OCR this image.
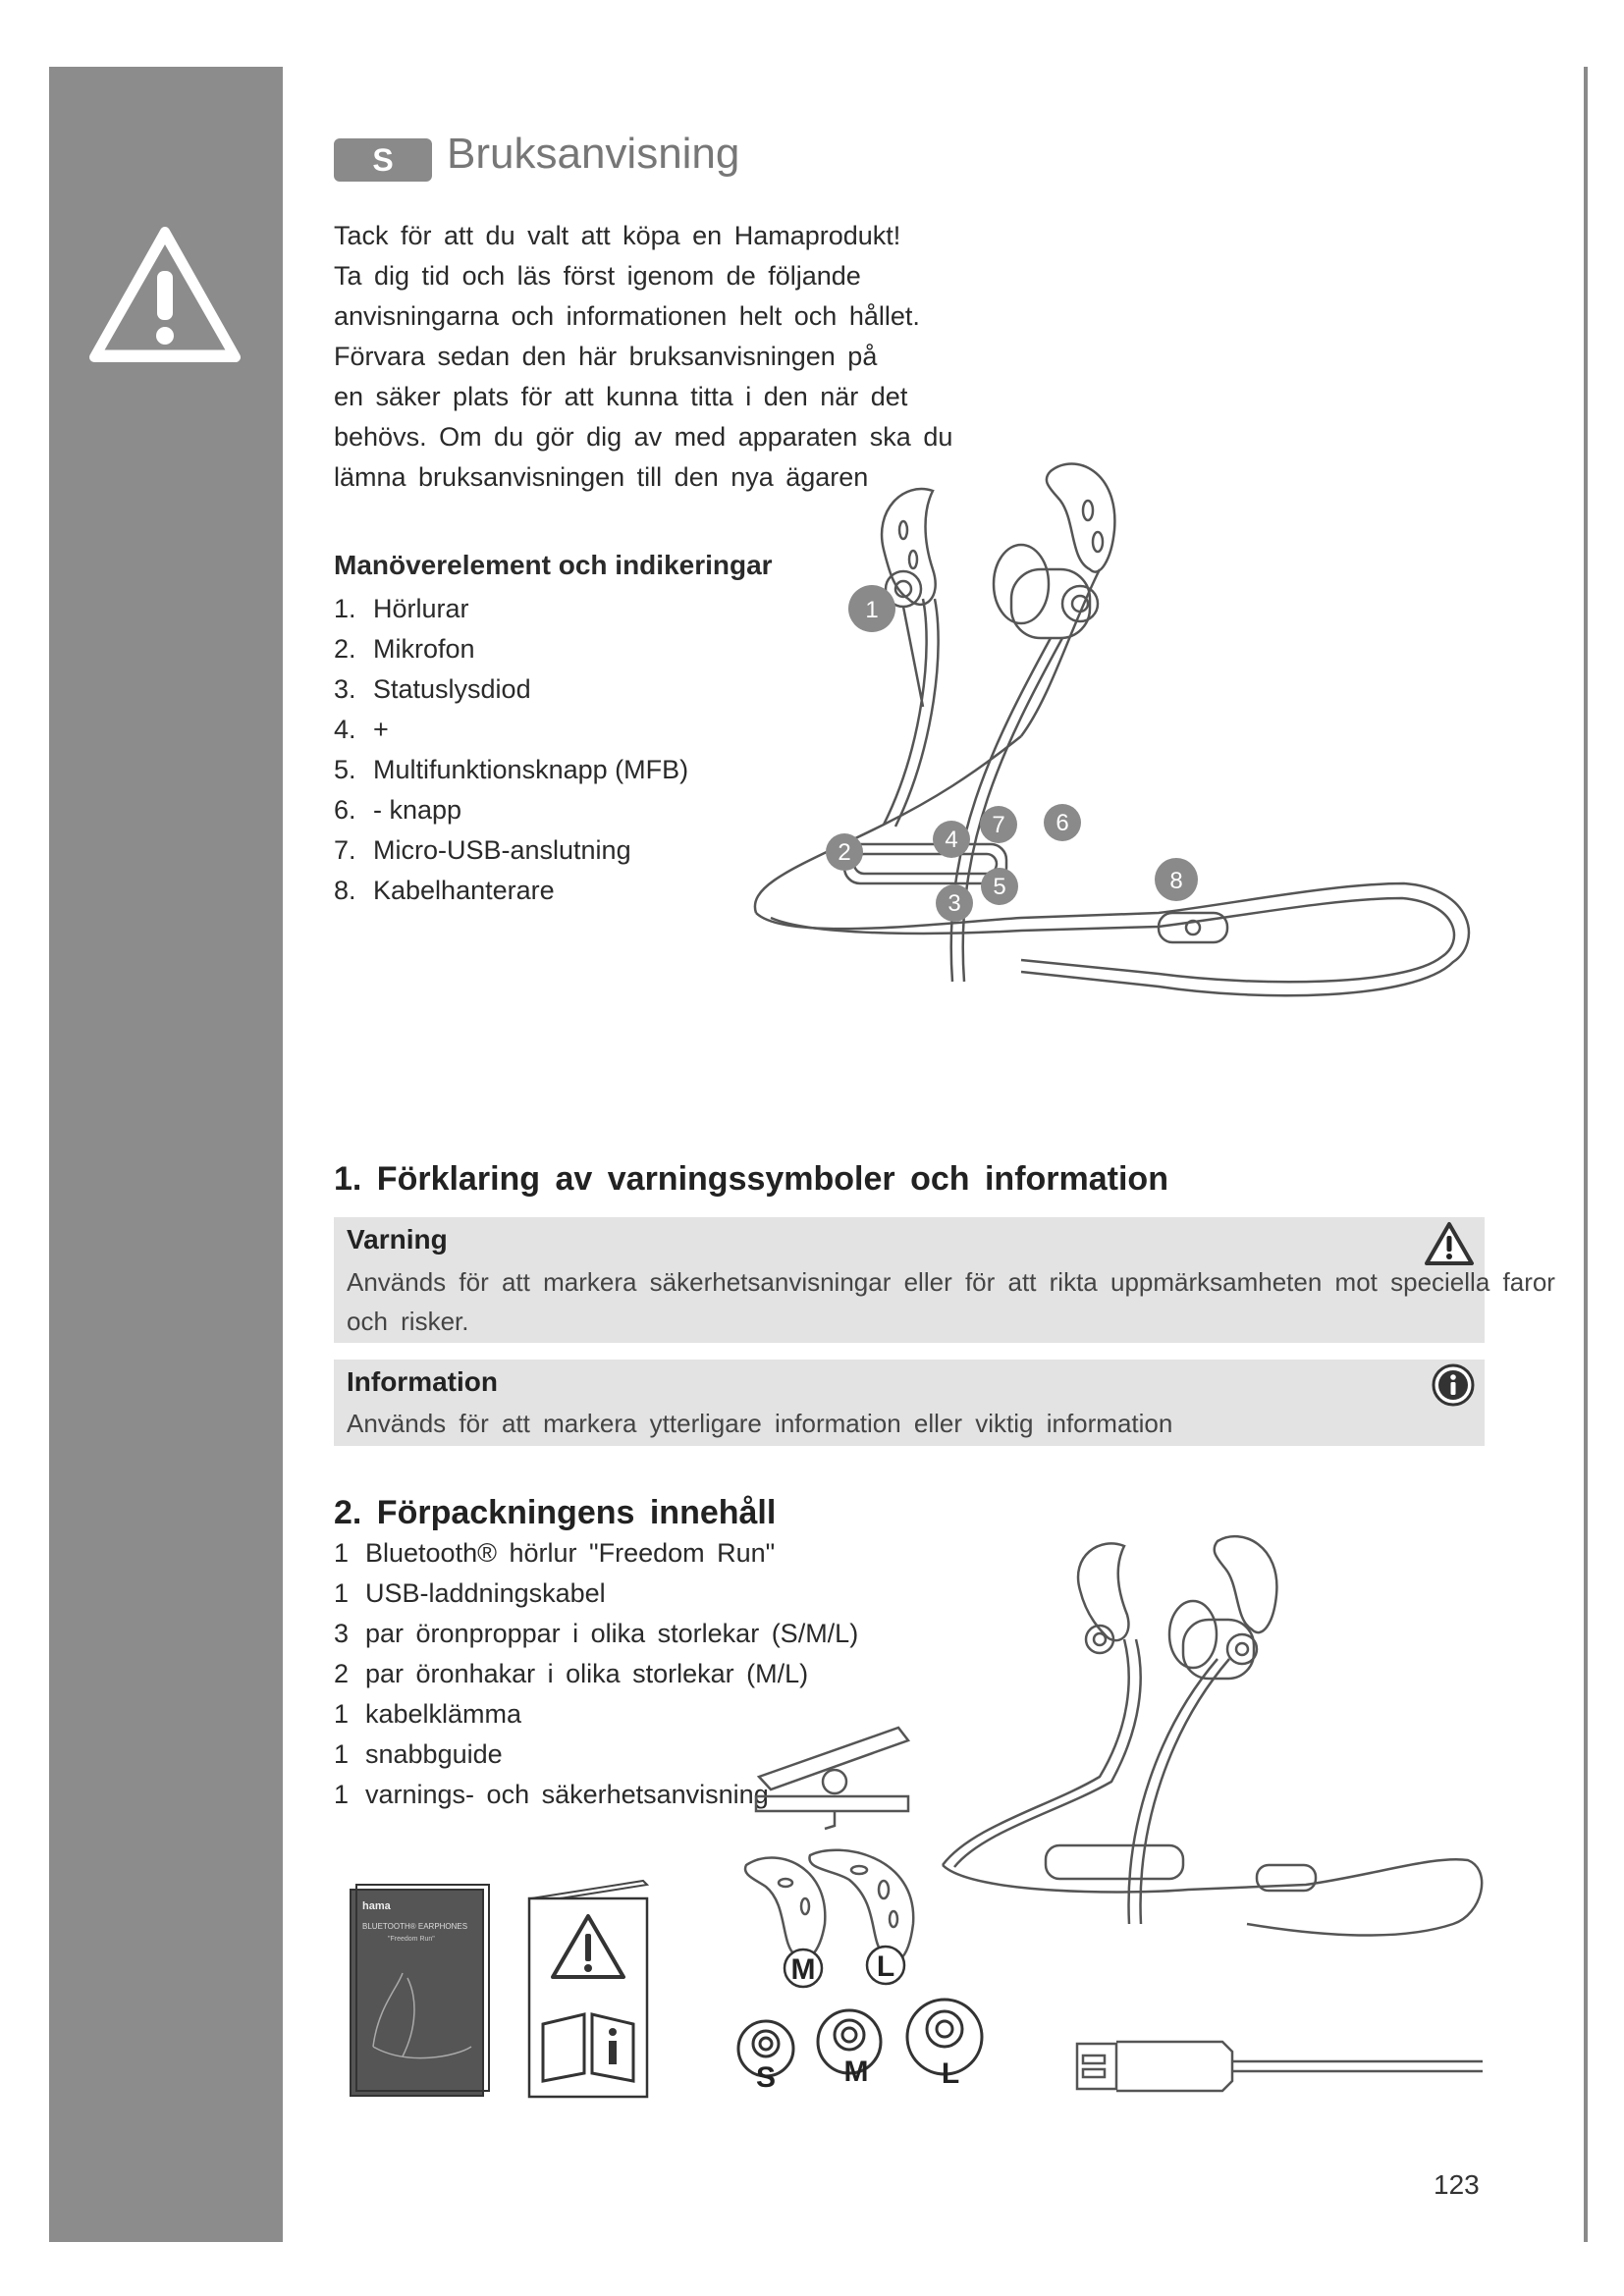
S	Bruksanvisning

Tack för att du valt att köpa en Hamaprodukt!
Ta dig tid och läs först igenom de följande
anvisningarna och informationen helt och hållet.
Förvara sedan den här bruksanvisningen på
en säker plats för att kunna titta i den när det
behövs. Om du gör dig av med apparaten ska du
lämna bruksanvisningen till den nya ägaren

Manöverelement och indikeringar
1. Hörlurar
2. Mikrofon
3. Statuslysdiod
4. +
5. Multifunktionsknapp (MFB)
6. - knapp
7. Micro-USB-anslutning
8. Kabelhanterare
1
2
3
4
5
6
7
8
1. Förklaring av varningssymboler och information
Varning
Används för att markera säkerhetsanvisningar eller för att rikta uppmärksamheten mot speciella faror
och risker.
Information
Används för att markera ytterligare information eller viktig information
2. Förpackningens innehåll
1 Bluetooth® hörlur "Freedom Run"
1 USB-laddningskabel
3 par öronproppar i olika storlekar (S/M/L)
2 par öronhakar i olika storlekar (M/L)
1 kabelklämma
1 snabbguide
1 varnings- och säkerhetsanvisning
hama
BLUETOOTH® EARPHONES
"Freedom Run"
M L
S M L
123
